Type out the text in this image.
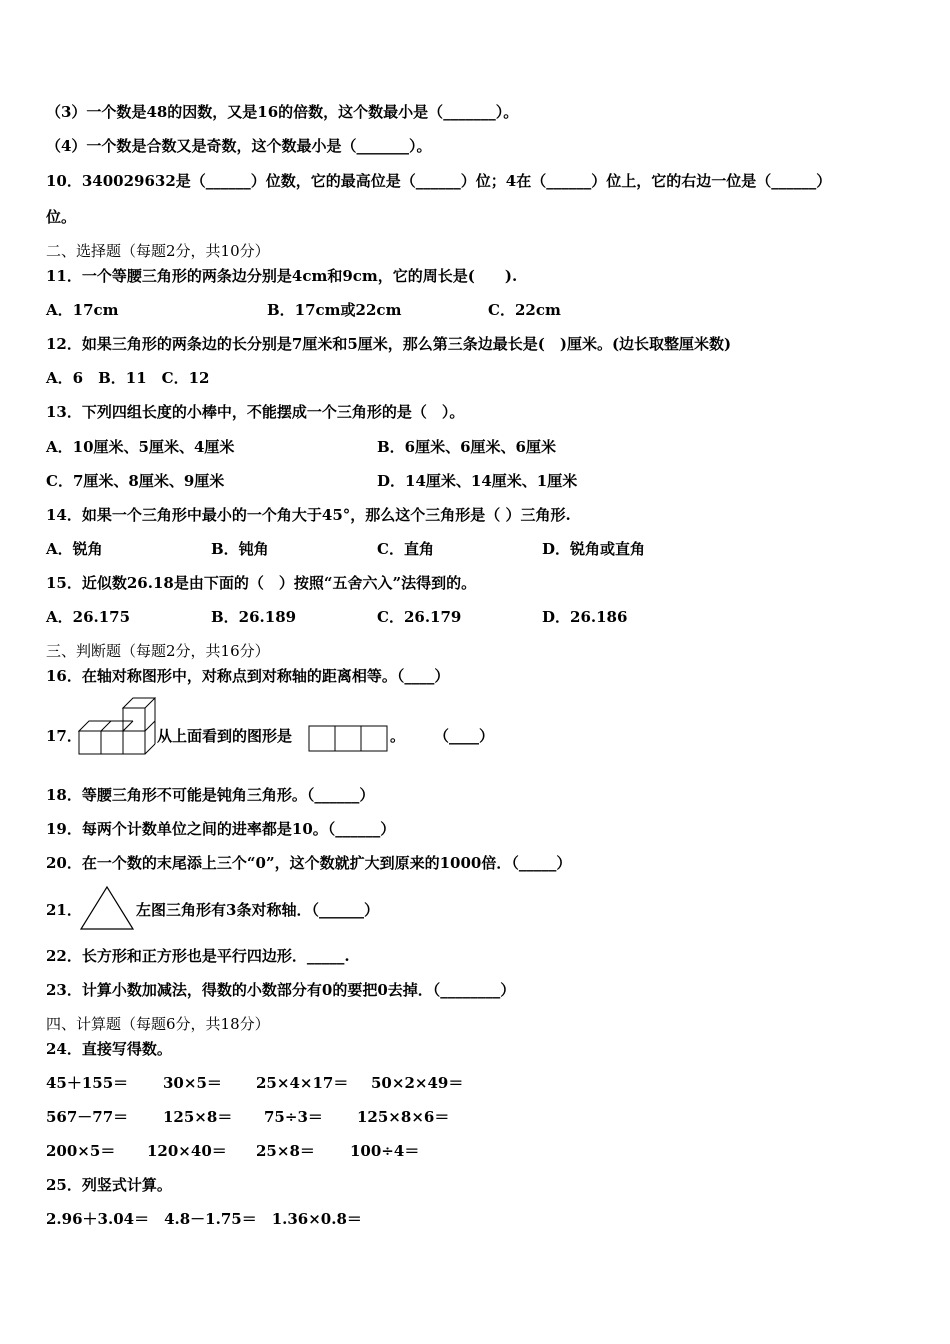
（3）一个数是48的因数，又是16的倍数，这个数最小是（_______）。
（4）一个数是合数又是奇数，这个数最小是（_______）。
10．340029632是（______）位数，它的最高位是（______）位；4在（______）位上，它的右边一位是（______）
位。
二、选择题（每题2分，共10分）
11．一个等腰三角形的两条边分别是4cm和9cm，它的周长是(　　).
A．17cm	B．17cm或22cm	C．22cm
12．如果三角形的两条边的长分别是7厘米和5厘米，那么第三条边最长是(　)厘米。(边长取整厘米数)
A．6　B．11　C．12
13．下列四组长度的小棒中，不能摆成一个三角形的是（　）。
A．10厘米、5厘米、4厘米	B．6厘米、6厘米、6厘米
C．7厘米、8厘米、9厘米	D．14厘米、14厘米、1厘米
14．如果一个三角形中最小的一个角大于45°，那么这个三角形是（ ）三角形.
A．锐角	B．钝角	C．直角	D．锐角或直角
15．近似数26.18是由下面的（　）按照“五舍六入”法得到的。
A．26.175	B．26.189	C．26.179	D．26.186
三、判断题（每题2分，共16分）
16．在轴对称图形中，对称点到对称轴的距离相等。（____）
17．	从上面看到的图形是	。 （____）
18．等腰三角形不可能是钝角三角形。（______）
19．每两个计数单位之间的进率都是10。（______）
20．在一个数的末尾添上三个“0”，这个数就扩大到原来的1000倍．（_____）
21．	左图三角形有3条对称轴．（______）
22．长方形和正方形也是平行四边形．_____.
23．计算小数加减法，得数的小数部分有0的要把0去掉．（________）
四、计算题（每题6分，共18分）
24．直接写得数。
45＋155＝ 30×5＝ 25×4×17＝ 50×2×49＝
567－77＝ 125×8＝ 75÷3＝ 125×8×6＝
200×5＝ 120×40＝ 25×8＝ 100÷4＝
25．列竖式计算。
2.96＋3.04＝　4.8－1.75＝　1.36×0.8＝
